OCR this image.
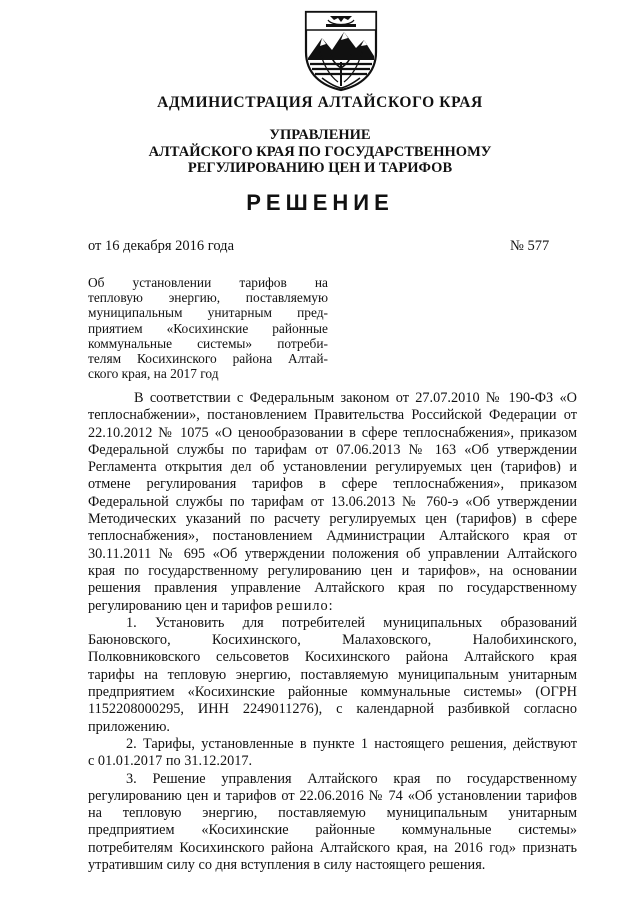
АДМИНИСТРАЦИЯ АЛТАЙСКОГО КРАЯ
УПРАВЛЕНИЕ
АЛТАЙСКОГО КРАЯ ПО ГОСУДАРСТВЕННОМУ
РЕГУЛИРОВАНИЮ ЦЕН И ТАРИФОВ
РЕШЕНИЕ
от 16 декабря 2016 года	№ 577
Об установлении тарифов на
тепловую энергию, поставляемую
муниципальным унитарным пред-
приятием «Косихинские районные
коммунальные системы» потреби-
телям Косихинского района Алтай-
ского края, на 2017 год
В соответствии с Федеральным законом от 27.07.2010 № 190-ФЗ «О
теплоснабжении», постановлением Правительства Российской Федерации от
22.10.2012 № 1075 «О ценообразовании в сфере теплоснабжения», приказом
Федеральной службы по тарифам от 07.06.2013 № 163 «Об утверждении
Регламента открытия дел об установлении регулируемых цен (тарифов) и
отмене регулирования тарифов в сфере теплоснабжения», приказом
Федеральной службы по тарифам от 13.06.2013 № 760-э «Об утверждении
Методических указаний по расчету регулируемых цен (тарифов) в сфере
теплоснабжения», постановлением Администрации Алтайского края от
30.11.2011 № 695 «Об утверждении положения об управлении Алтайского
края по государственному регулированию цен и тарифов», на основании
решения правления управление Алтайского края по государственному
регулированию цен и тарифов решило:
1. Установить для потребителей муниципальных образований
Баюновского, Косихинского, Малаховского, Налобихинского,
Полковниковского сельсоветов Косихинского района Алтайского края
тарифы на тепловую энергию, поставляемую муниципальным унитарным
предприятием «Косихинские районные коммунальные системы» (ОГРН
1152208000295, ИНН 2249011276), с календарной разбивкой согласно
приложению.
2. Тарифы, установленные в пункте 1 настоящего решения, действуют
с 01.01.2017 по 31.12.2017.
3. Решение управления Алтайского края по государственному
регулированию цен и тарифов от 22.06.2016 № 74 «Об установлении тарифов
на тепловую энергию, поставляемую муниципальным унитарным
предприятием «Косихинские районные коммунальные системы»
потребителям Косихинского района Алтайского края, на 2016 год» признать
утратившим силу со дня вступления в силу настоящего решения.
